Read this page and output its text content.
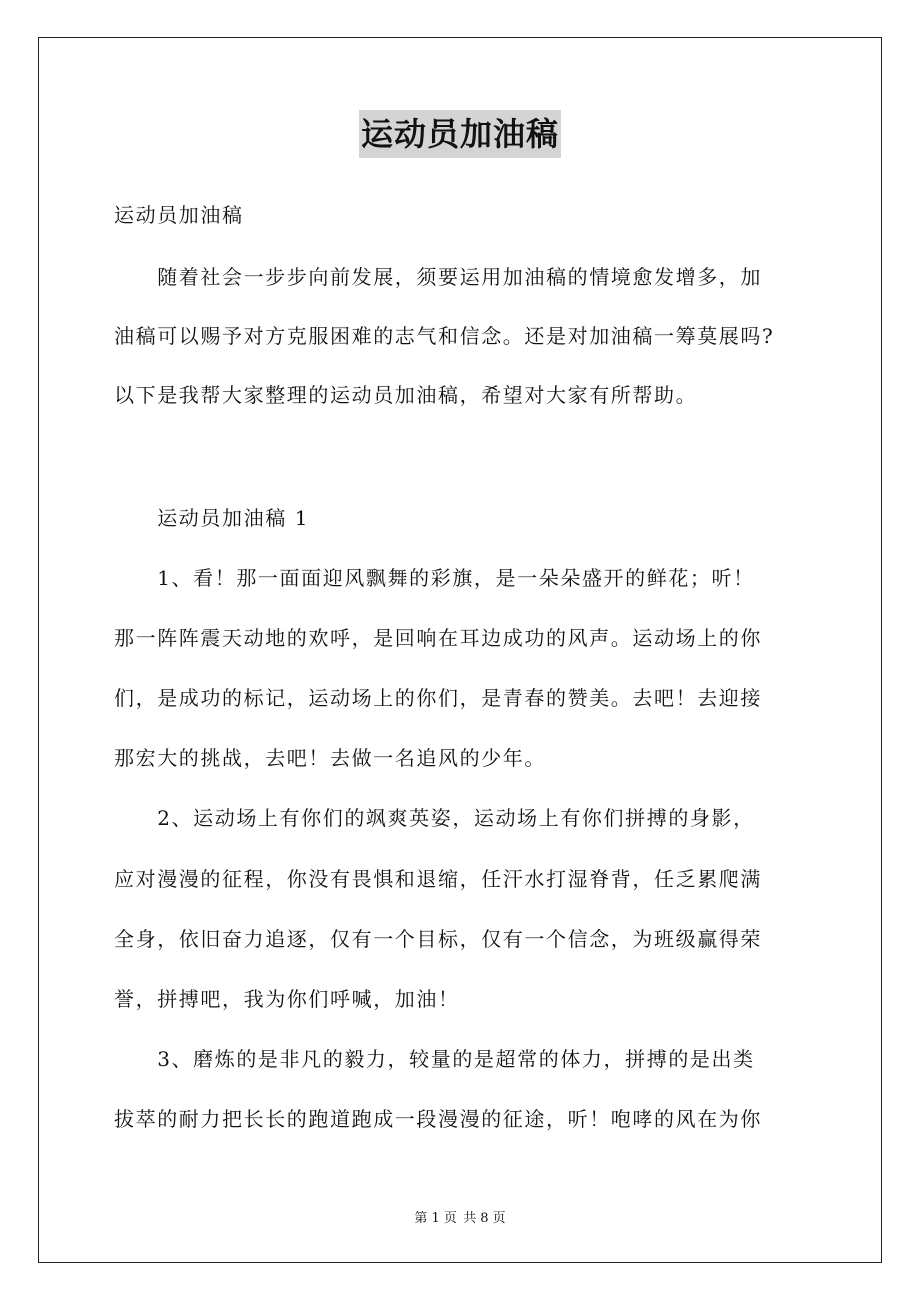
运动员加油稿
运动员加油稿
　　随着社会一步步向前发展，须要运用加油稿的情境愈发增多，加
油稿可以赐予对方克服困难的志气和信念。还是对加油稿一筹莫展吗?
以下是我帮大家整理的运动员加油稿，希望对大家有所帮助。
　　运动员加油稿 1
　　1、看！那一面面迎风飘舞的彩旗，是一朵朵盛开的鲜花；听！
那一阵阵震天动地的欢呼，是回响在耳边成功的风声。运动场上的你
们，是成功的标记，运动场上的你们，是青春的赞美。去吧！去迎接
那宏大的挑战，去吧！去做一名追风的少年。
　　2、运动场上有你们的飒爽英姿，运动场上有你们拼搏的身影，
应对漫漫的征程，你没有畏惧和退缩，任汗水打湿脊背，任乏累爬满
全身，依旧奋力追逐，仅有一个目标，仅有一个信念，为班级赢得荣
誉，拼搏吧，我为你们呼喊，加油！
　　3、磨炼的是非凡的毅力，较量的是超常的体力，拼搏的是出类
拔萃的耐力把长长的跑道跑成一段漫漫的征途，听！咆哮的风在为你
第 1 页 共 8 页
